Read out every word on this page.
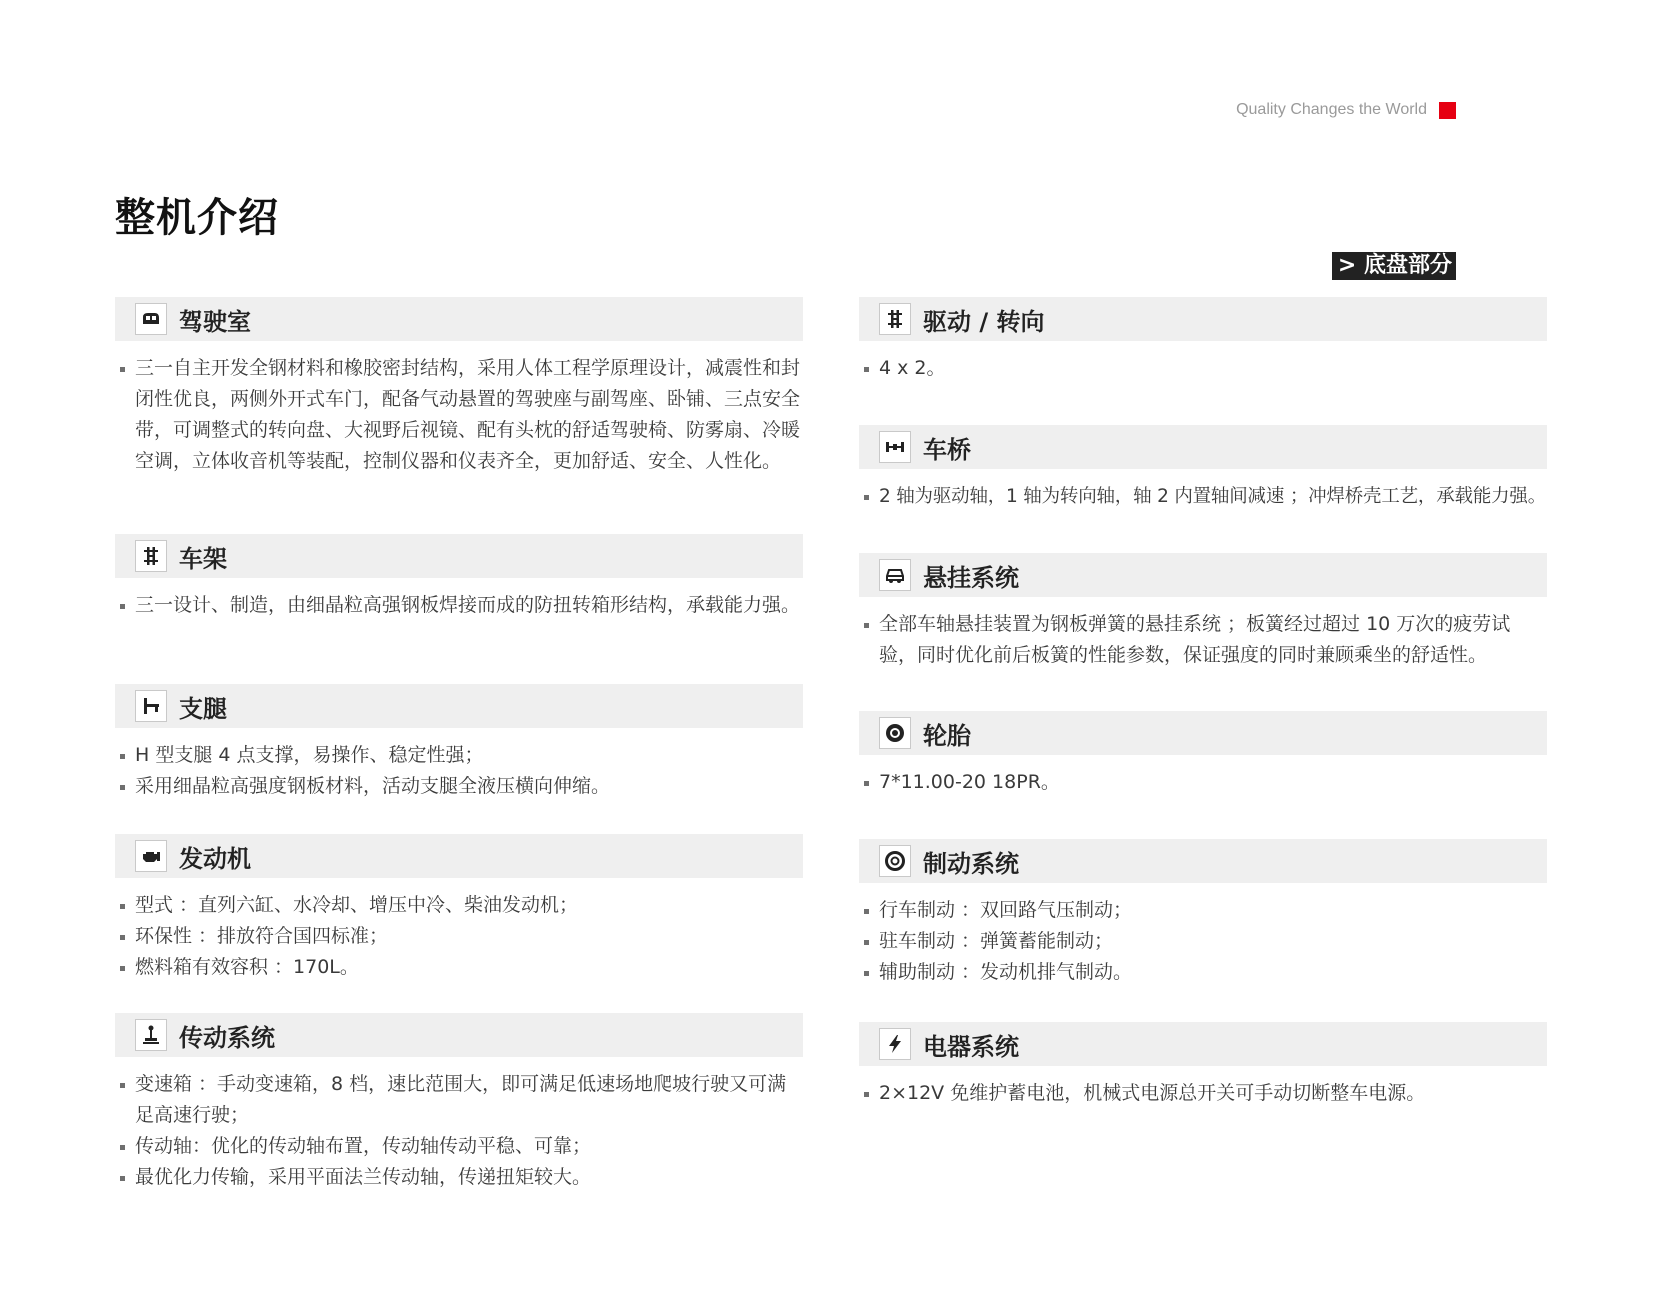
Quality Changes the World
整机介绍
> 底盘部分
驾驶室
三一自主开发全钢材料和橡胶密封结构，采用人体工程学原理设计，减震性和封闭性优良，两侧外开式车门，配备气动悬置的驾驶座与副驾座、卧铺、三点安全带，可调整式的转向盘、大视野后视镜、配有头枕的舒适驾驶椅、防雾扇、冷暖空调，立体收音机等装配，控制仪器和仪表齐全，更加舒适、安全、人性化。
车架
三一设计、制造，由细晶粒高强钢板焊接而成的防扭转箱形结构，承载能力强。
支腿
H 型支腿 4 点支撑，易操作、稳定性强；
采用细晶粒高强度钢板材料，活动支腿全液压横向伸缩。
发动机
型式 ：直列六缸、水冷却、增压中冷、柴油发动机；
环保性 ：排放符合国四标准；
燃料箱有效容积 ：170L。
传动系统
变速箱 ：手动变速箱，8 档，速比范围大，即可满足低速场地爬坡行驶又可满足高速行驶；
传动轴：优化的传动轴布置，传动轴传动平稳、可靠；
最优化力传输，采用平面法兰传动轴，传递扭矩较大。
驱动 / 转向
4 x 2。
车桥
2 轴为驱动轴，1 轴为转向轴，轴 2 内置轴间减速 ；冲焊桥壳工艺，承载能力强。
悬挂系统
全部车轴悬挂装置为钢板弹簧的悬挂系统 ；板簧经过超过 10 万次的疲劳试验，同时优化前后板簧的性能参数，保证强度的同时兼顾乘坐的舒适性。
轮胎
7*11.00-20 18PR。
制动系统
行车制动 ：双回路气压制动；
驻车制动 ：弹簧蓄能制动；
辅助制动 ：发动机排气制动。
电器系统
2×12V 免维护蓄电池，机械式电源总开关可手动切断整车电源。
